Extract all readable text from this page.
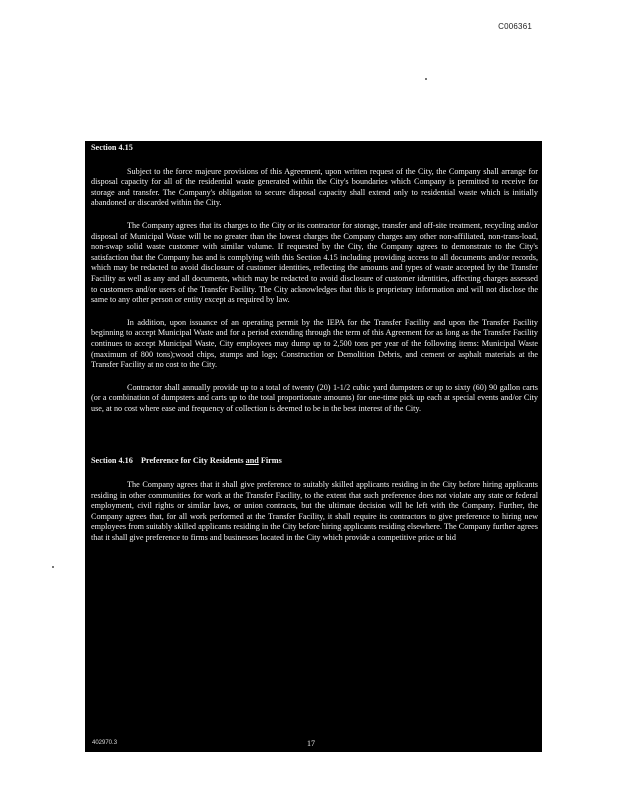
C006361

Section 4.15

Subject to the force majeure provisions of this Agreement, upon written request of the City, the Company shall arrange for disposal capacity for all of the residential waste generated within the City's boundaries which Company is permitted to receive for storage and transfer. The Company's obligation to secure disposal capacity shall extend only to residential waste which is initially abandoned or discarded within the City.

The Company agrees that its charges to the City or its contractor for storage, transfer and off-site treatment, recycling and/or disposal of Municipal Waste will be no greater than the lowest charges the Company charges any other non-affiliated, non-trans-load, non-swap solid waste customer with similar volume. If requested by the City, the Company agrees to demonstrate to the City's satisfaction that the Company has and is complying with this Section 4.15 including providing access to all documents and/or records, which may be redacted to avoid disclosure of customer identities, reflecting the amounts and types of waste accepted by the Transfer Facility as well as any and all documents, which may be redacted to avoid disclosure of customer identities, affecting charges assessed to customers and/or users of the Transfer Facility. The City acknowledges that this is proprietary information and will not disclose the same to any other person or entity except as required by law.

In addition, upon issuance of an operating permit by the IEPA for the Transfer Facility and upon the Transfer Facility beginning to accept Municipal Waste and for a period extending through the term of this Agreement for as long as the Transfer Facility continues to accept Municipal Waste, City employees may dump up to 2,500 tons per year of the following items: Municipal Waste (maximum of 800 tons);wood chips, stumps and logs; Construction or Demolition Debris, and cement or asphalt materials at the Transfer Facility at no cost to the City.

Contractor shall annually provide up to a total of twenty (20) 1-1/2 cubic yard dumpsters or up to sixty (60) 90 gallon carts (or a combination of dumpsters and carts up to the total proportionate amounts) for one-time pick up each at special events and/or City use, at no cost where ease and frequency of collection is deemed to be in the best interest of the City.

Section 4.16    Preference for City Residents and Firms

The Company agrees that it shall give preference to suitably skilled applicants residing in the City before hiring applicants residing in other communities for work at the Transfer Facility, to the extent that such preference does not violate any state or federal employment, civil rights or similar laws, or union contracts, but the ultimate decision will be left with the Company. Further, the Company agrees that, for all work performed at the Transfer Facility, it shall require its contractors to give preference to hiring new employees from suitably skilled applicants residing in the City before hiring applicants residing elsewhere. The Company further agrees that it shall give preference to firms and businesses located in the City which provide a competitive price or bid

402970.3	17
